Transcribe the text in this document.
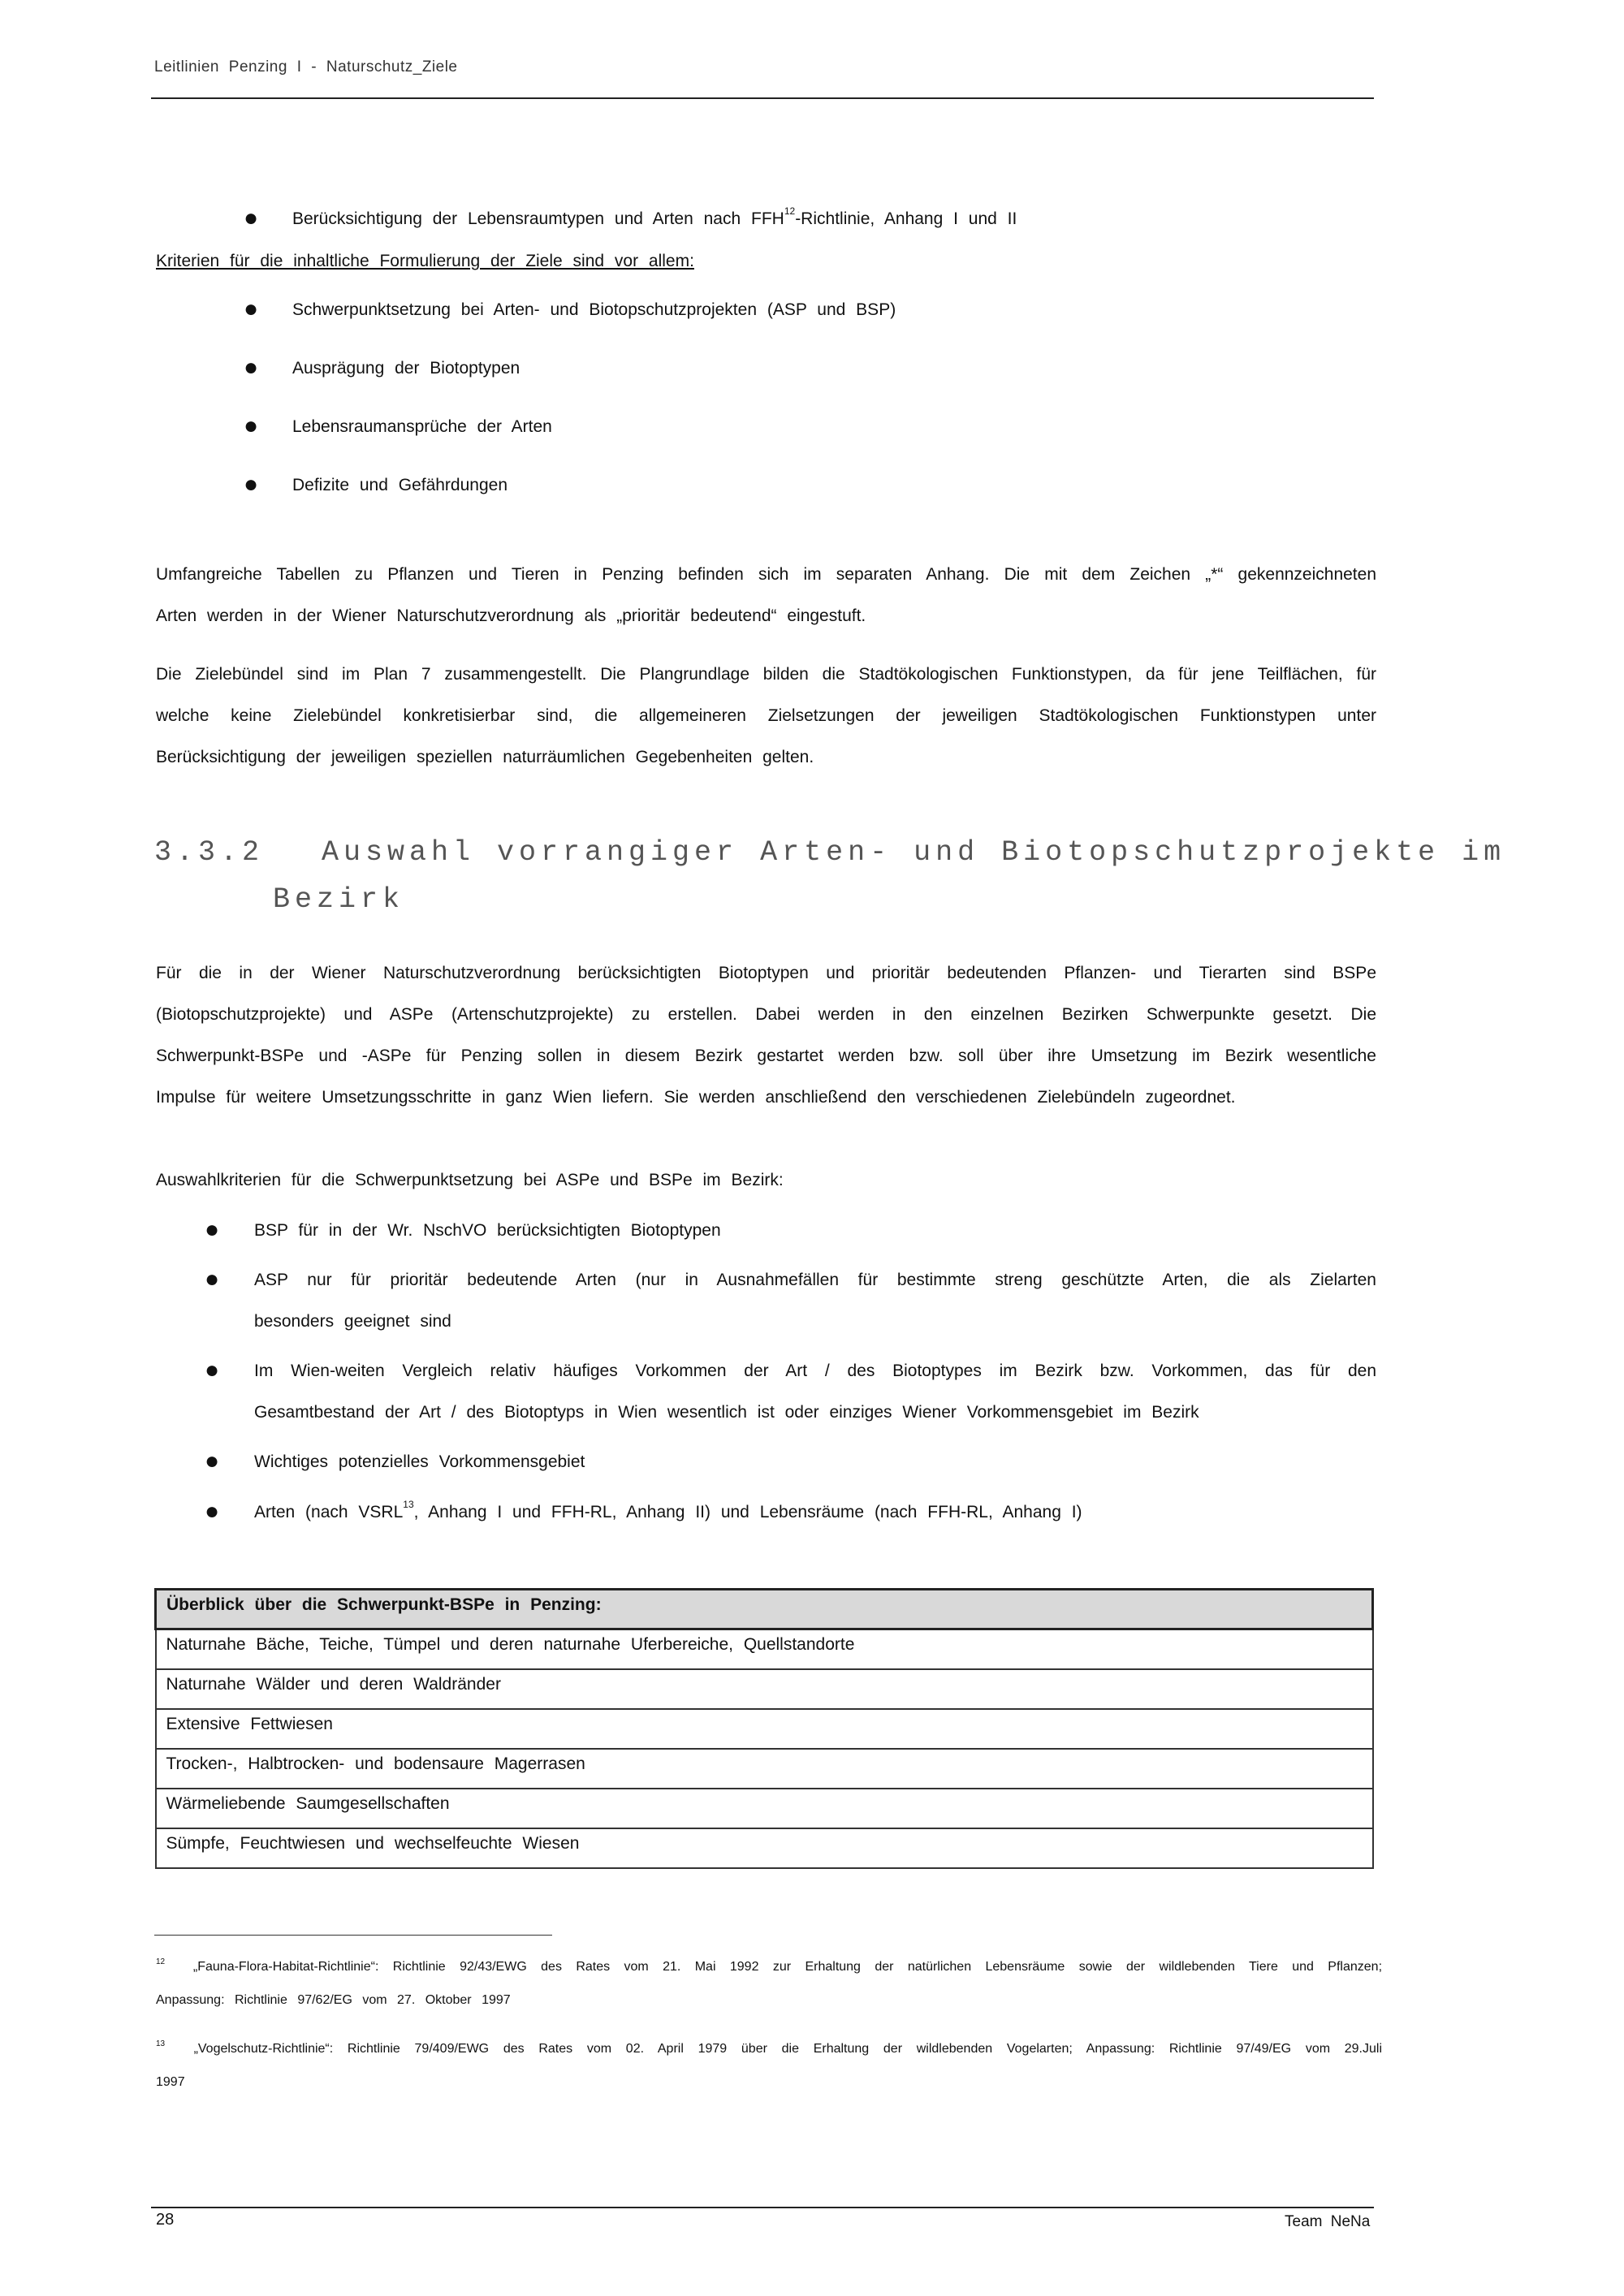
Leitlinien Penzing I - Naturschutz_Ziele
● Berücksichtigung der Lebensraumtypen und Arten nach FFH$^{12}$-Richtlinie, Anhang I und II
Kriterien für die inhaltliche Formulierung der Ziele sind vor allem:
● Schwerpunktsetzung bei Arten- und Biotopschutzprojekten (ASP und BSP)
● Ausprägung der Biotoptypen
● Lebensraumansprüche der Arten
● Defizite und Gefährdungen
Umfangreiche Tabellen zu Pflanzen und Tieren in Penzing befinden sich im separaten Anhang. Die mit dem Zeichen „*“ gekennzeichneten
Arten werden in der Wiener Naturschutzverordnung als „prioritär bedeutend“ eingestuft.
Die Zielebündel sind im Plan 7 zusammengestellt. Die Plangrundlage bilden die Stadtökologischen Funktionstypen, da für jene Teilflächen, für
welche keine Zielebündel konkretisierbar sind, die allgemeineren Zielsetzungen der jeweiligen Stadtökologischen Funktionstypen unter
Berücksichtigung der jeweiligen speziellen naturräumlichen Gegebenheiten gelten.
3.3.2 Auswahl vorrangiger Arten- und Biotopschutzprojekte im
Bezirk
Für die in der Wiener Naturschutzverordnung berücksichtigten Biotoptypen und prioritär bedeutenden Pflanzen- und Tierarten sind BSPe
(Biotopschutzprojekte) und ASPe (Artenschutzprojekte) zu erstellen. Dabei werden in den einzelnen Bezirken Schwerpunkte gesetzt. Die
Schwerpunkt-BSPe und -ASPe für Penzing sollen in diesem Bezirk gestartet werden bzw. soll über ihre Umsetzung im Bezirk wesentliche
Impulse für weitere Umsetzungsschritte in ganz Wien liefern. Sie werden anschließend den verschiedenen Zielebündeln zugeordnet.
Auswahlkriterien für die Schwerpunktsetzung bei ASPe und BSPe im Bezirk:
● BSP für in der Wr. NschVO berücksichtigten Biotoptypen
● ASP nur für prioritär bedeutende Arten (nur in Ausnahmefällen für bestimmte streng geschützte Arten, die als Zielarten
besonders geeignet sind
● Im Wien-weiten Vergleich relativ häufiges Vorkommen der Art / des Biotoptypes im Bezirk bzw. Vorkommen, das für den
Gesamtbestand der Art / des Biotoptyps in Wien wesentlich ist oder einziges Wiener Vorkommensgebiet im Bezirk
● Wichtiges potenzielles Vorkommensgebiet
● Arten (nach VSRL$^{13}$, Anhang I und FFH-RL, Anhang II) und Lebensräume (nach FFH-RL, Anhang I)
Überblick über die Schwerpunkt-BSPe in Penzing:
Naturnahe Bäche, Teiche, Tümpel und deren naturnahe Uferbereiche, Quellstandorte
Naturnahe Wälder und deren Waldränder
Extensive Fettwiesen
Trocken-, Halbtrocken- und bodensaure Magerrasen
Wärmeliebende Saumgesellschaften
Sümpfe, Feuchtwiesen und wechselfeuchte Wiesen
$^{12}$ „Fauna-Flora-Habitat-Richtlinie“: Richtlinie 92/43/EWG des Rates vom 21. Mai 1992 zur Erhaltung der natürlichen Lebensräume sowie der wildlebenden Tiere und Pflanzen;
Anpassung: Richtlinie 97/62/EG vom 27. Oktober 1997
$^{13}$ „Vogelschutz-Richtlinie“: Richtlinie 79/409/EWG des Rates vom 02. April 1979 über die Erhaltung der wildlebenden Vogelarten; Anpassung: Richtlinie 97/49/EG vom 29.Juli
1997
28	Team NeNa
